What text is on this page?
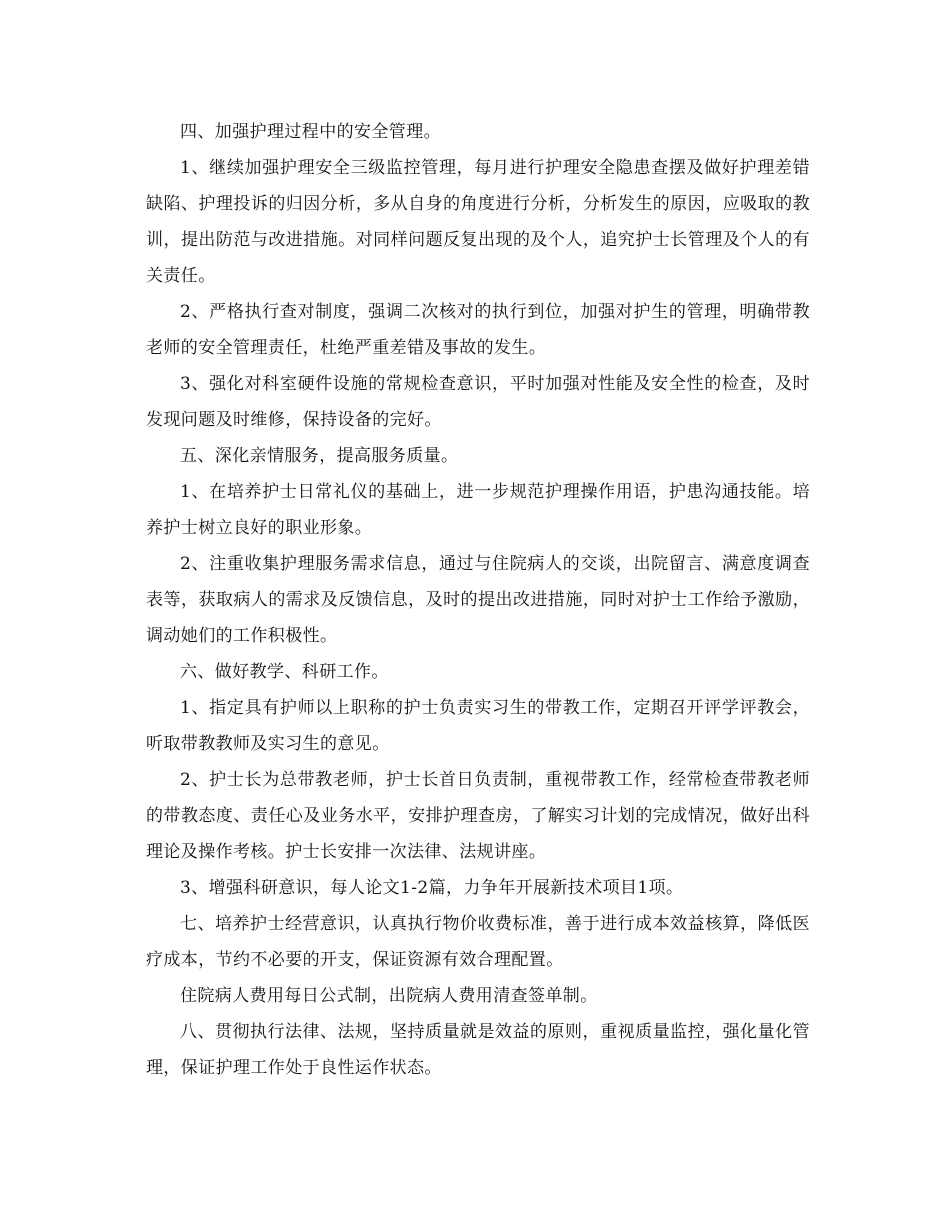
四、加强护理过程中的安全管理。

1、继续加强护理安全三级监控管理，每月进行护理安全隐患查摆及做好护理差错缺陷、护理投诉的归因分析，多从自身的角度进行分析，分析发生的原因，应吸取的教训，提出防范与改进措施。对同样问题反复出现的及个人，追究护士长管理及个人的有关责任。

2、严格执行查对制度，强调二次核对的执行到位，加强对护生的管理，明确带教老师的安全管理责任，杜绝严重差错及事故的发生。

3、强化对科室硬件设施的常规检查意识，平时加强对性能及安全性的检查，及时发现问题及时维修，保持设备的完好。

五、深化亲情服务，提高服务质量。

1、在培养护士日常礼仪的基础上，进一步规范护理操作用语，护患沟通技能。培养护士树立良好的职业形象。

2、注重收集护理服务需求信息，通过与住院病人的交谈，出院留言、满意度调查表等，获取病人的需求及反馈信息，及时的提出改进措施，同时对护士工作给予激励，调动她们的工作积极性。

六、做好教学、科研工作。

1、指定具有护师以上职称的护士负责实习生的带教工作，定期召开评学评教会，听取带教教师及实习生的意见。

2、护士长为总带教老师，护士长首日负责制，重视带教工作，经常检查带教老师的带教态度、责任心及业务水平，安排护理查房，了解实习计划的完成情况，做好出科理论及操作考核。护士长安排一次法律、法规讲座。

3、增强科研意识，每人论文1-2篇，力争年开展新技术项目1项。

七、培养护士经营意识，认真执行物价收费标准，善于进行成本效益核算，降低医疗成本，节约不必要的开支，保证资源有效合理配置。

住院病人费用每日公式制，出院病人费用清查签单制。

八、贯彻执行法律、法规，坚持质量就是效益的原则，重视质量监控，强化量化管理，保证护理工作处于良性运作状态。
